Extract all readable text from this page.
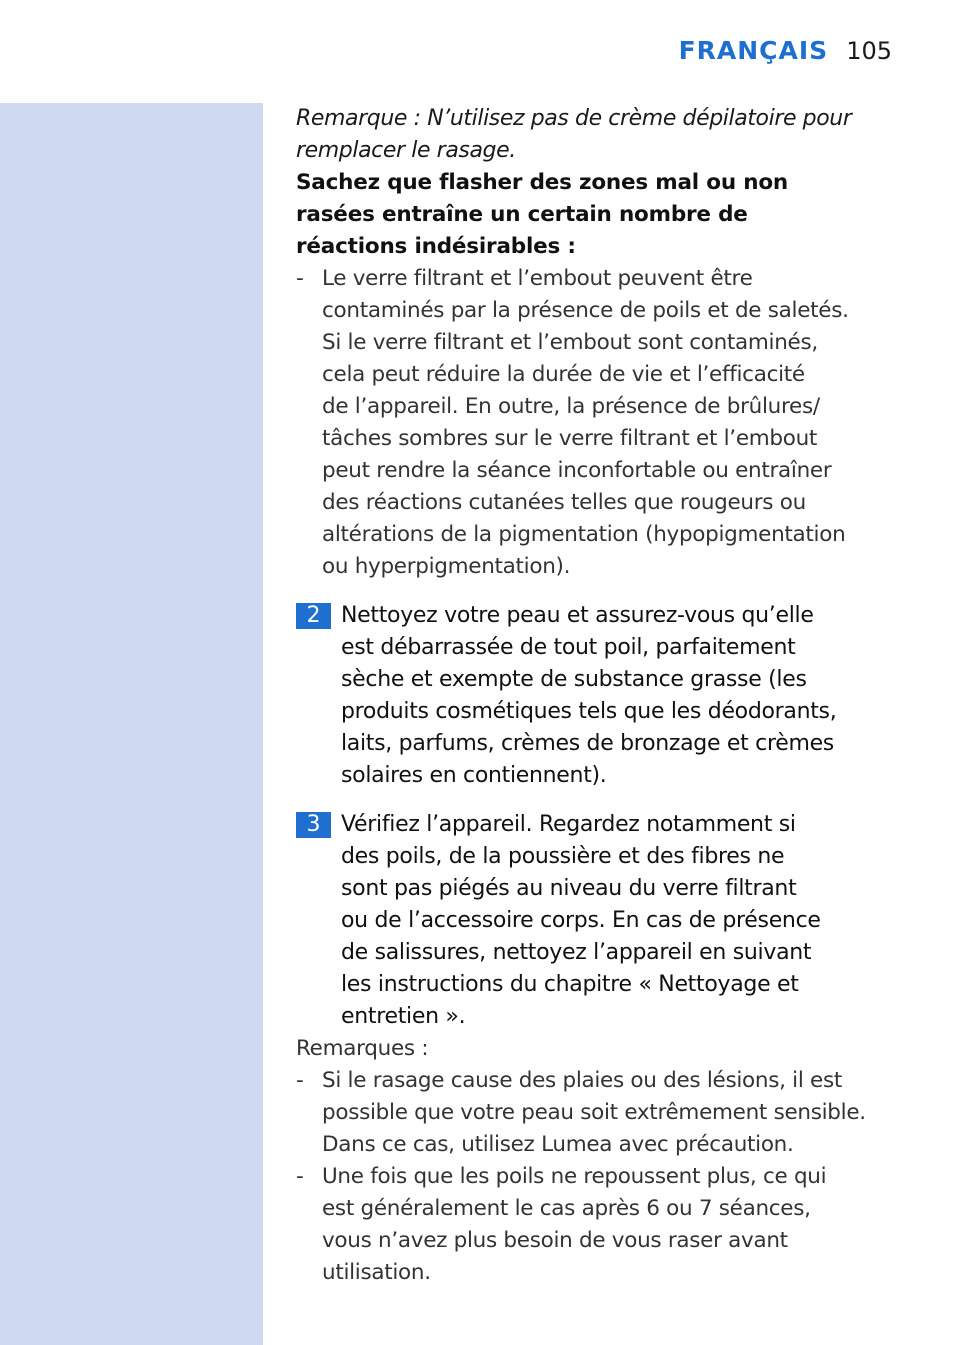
FRANÇAIS 105
Remarque : N’utilisez pas de crème dépilatoire pour
remplacer le rasage.
Sachez que flasher des zones mal ou non
rasées entraîne un certain nombre de
réactions indésirables :
- Le verre filtrant et l’embout peuvent être
contaminés par la présence de poils et de saletés.
Si le verre filtrant et l’embout sont contaminés,
cela peut réduire la durée de vie et l’efficacité
de l’appareil. En outre, la présence de brûlures/
tâches sombres sur le verre filtrant et l’embout
peut rendre la séance inconfortable ou entraîner
des réactions cutanées telles que rougeurs ou
altérations de la pigmentation (hypopigmentation
ou hyperpigmentation).
2 Nettoyez votre peau et assurez-vous qu’elle
est débarrassée de tout poil, parfaitement
sèche et exempte de substance grasse (les
produits cosmétiques tels que les déodorants,
laits, parfums, crèmes de bronzage et crèmes
solaires en contiennent).
3 Vérifiez l’appareil. Regardez notamment si
des poils, de la poussière et des fibres ne
sont pas piégés au niveau du verre filtrant
ou de l’accessoire corps. En cas de présence
de salissures, nettoyez l’appareil en suivant
les instructions du chapitre « Nettoyage et
entretien ».
Remarques :
- Si le rasage cause des plaies ou des lésions, il est
possible que votre peau soit extrêmement sensible.
Dans ce cas, utilisez Lumea avec précaution.
- Une fois que les poils ne repoussent plus, ce qui
est généralement le cas après 6 ou 7 séances,
vous n’avez plus besoin de vous raser avant
utilisation.
